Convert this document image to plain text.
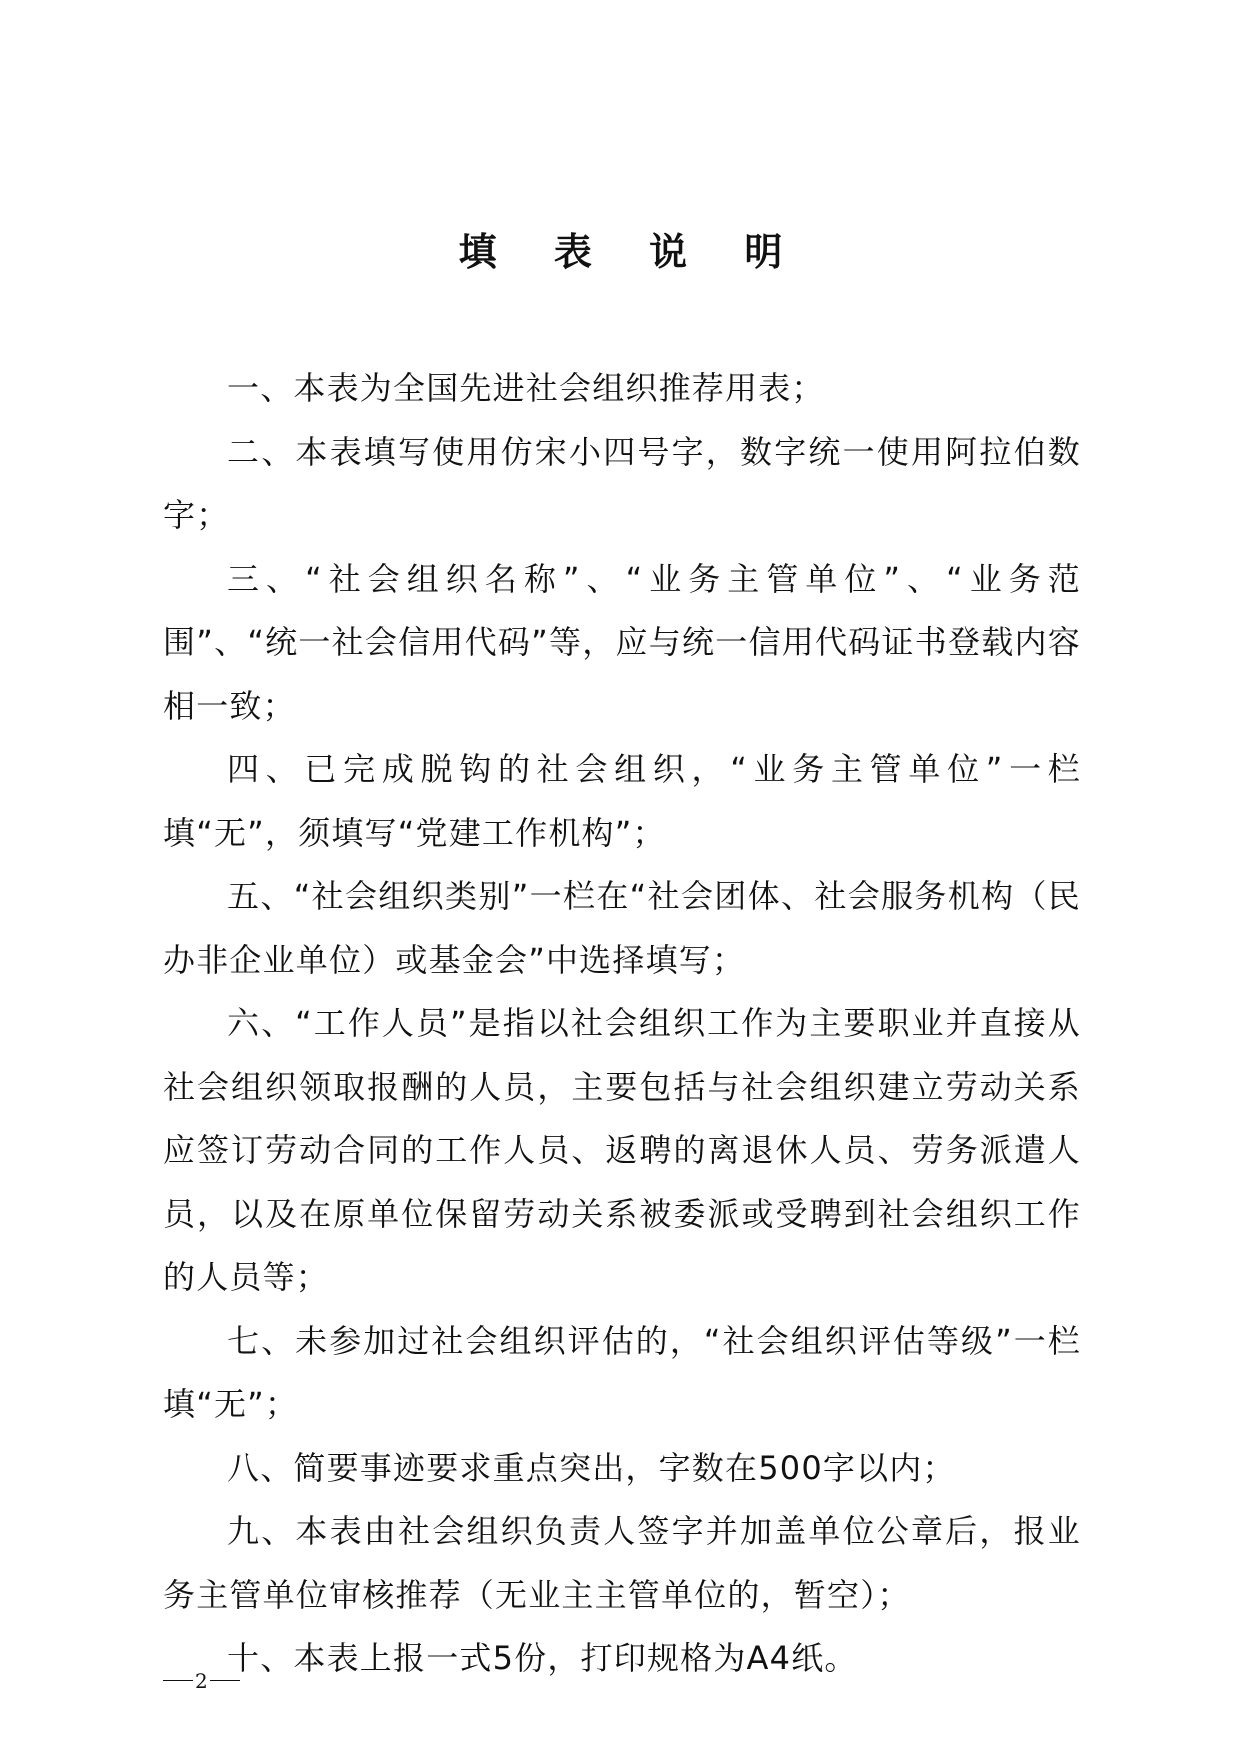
填 表 说 明

一、本表为全国先进社会组织推荐用表；

二、本表填写使用仿宋小四号字，数字统一使用阿拉伯数字；

三、“社会组织名称”、“业务主管单位”、“业务范围”、“统一社会信用代码”等，应与统一信用代码证书登载内容相一致；

四、已完成脱钩的社会组织，“业务主管单位”一栏填“无”，须填写“党建工作机构”；

五、“社会组织类别”一栏在“社会团体、社会服务机构（民办非企业单位）或基金会”中选择填写；

六、“工作人员”是指以社会组织工作为主要职业并直接从社会组织领取报酬的人员，主要包括与社会组织建立劳动关系应签订劳动合同的工作人员、返聘的离退休人员、劳务派遣人员，以及在原单位保留劳动关系被委派或受聘到社会组织工作的人员等；

七、未参加过社会组织评估的，“社会组织评估等级”一栏填“无”；

八、简要事迹要求重点突出，字数在500字以内；

九、本表由社会组织负责人签字并加盖单位公章后，报业务主管单位审核推荐（无业主主管单位的，暂空）；

十、本表上报一式5份，打印规格为A4纸。

2
